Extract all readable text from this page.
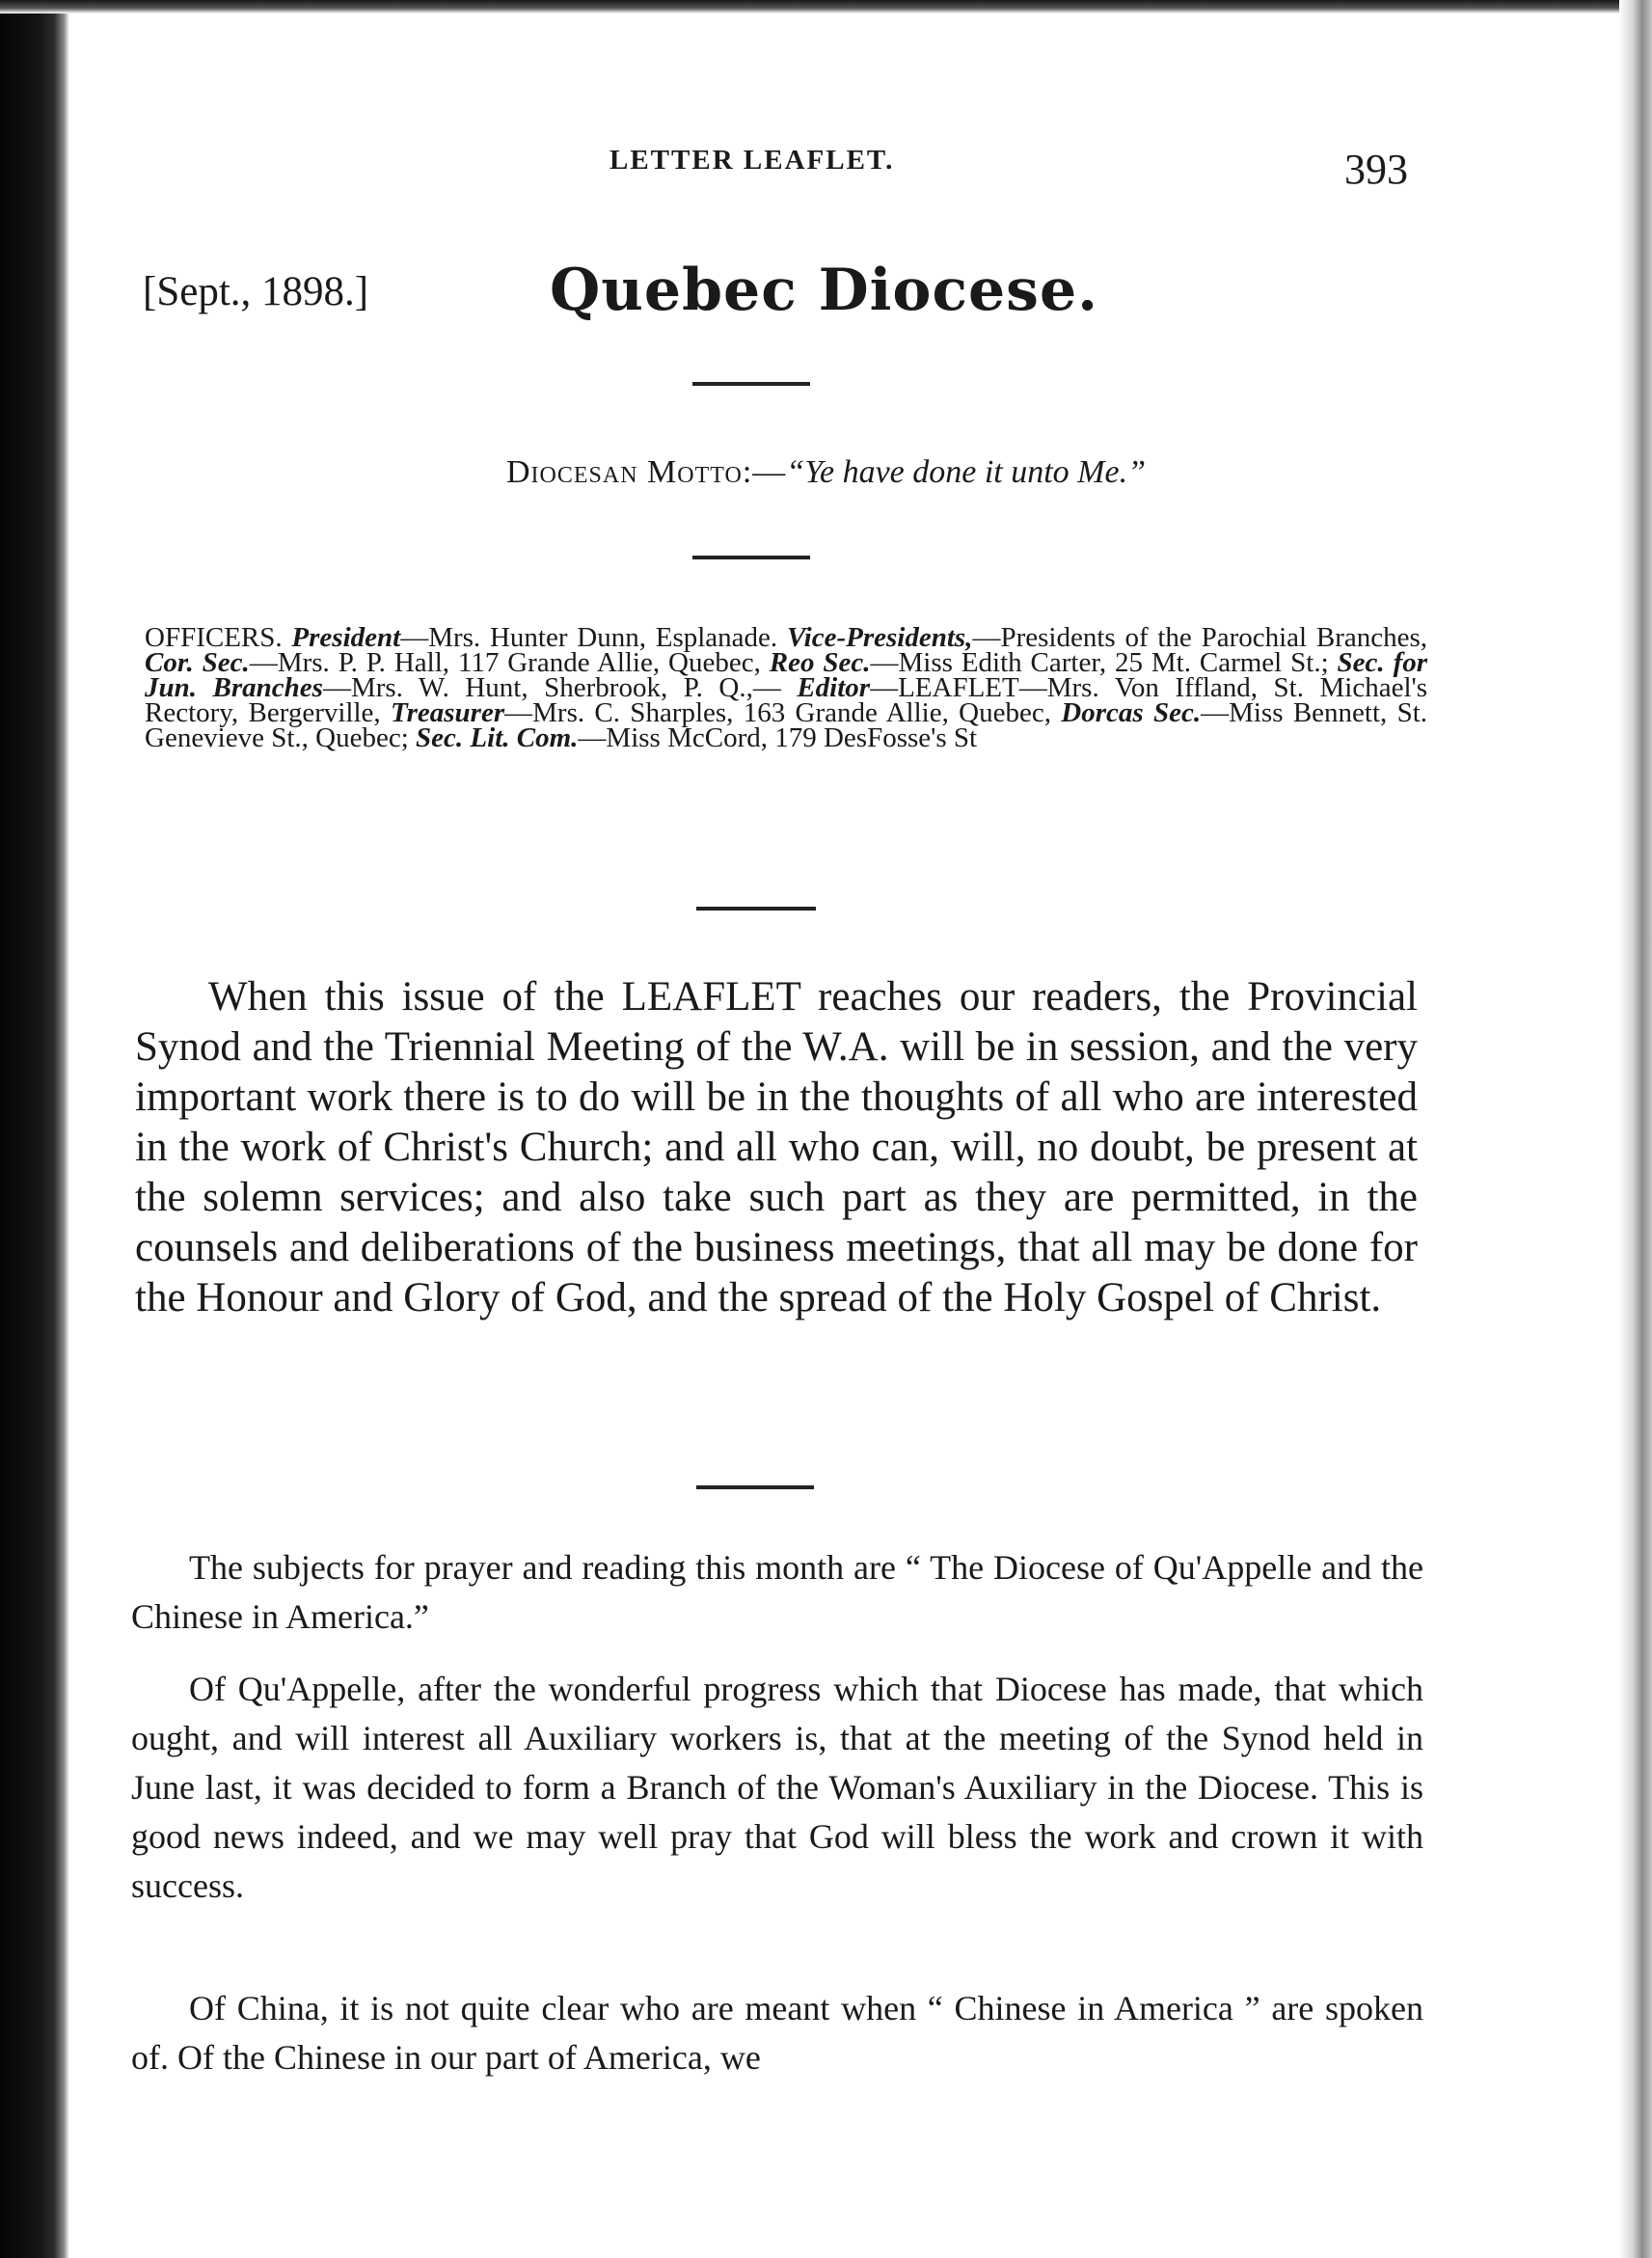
LETTER LEAFLET.	393
[Sept., 1898.]	Quebec Diocese.
Diocesan Motto:—“Ye have done it unto Me.”
OFFICERS. President—Mrs. Hunter Dunn, Esplanade. Vice-Presidents,—Presidents of the Parochial Branches, Cor. Sec.—Mrs. P. P. Hall, 117 Grande Allie, Quebec, Reo Sec.—Miss Edith Carter, 25 Mt. Carmel St.; Sec. for Jun. Branches—Mrs. W. Hunt, Sherbrook, P. Q.,— Editor—LEAFLET—Mrs. Von Iffland, St. Michael's Rectory, Bergerville, Treasurer—Mrs. C. Sharples, 163 Grande Allie, Quebec, Dorcas Sec.—Miss Bennett, St. Genevieve St., Quebec; Sec. Lit. Com.—Miss McCord, 179 DesFosse's St

When this issue of the LEAFLET reaches our readers, the Provincial Synod and the Triennial Meeting of the W.A. will be in session, and the very important work there is to do will be in the thoughts of all who are interested in the work of Christ's Church; and all who can, will, no doubt, be present at the solemn services; and also take such part as they are permitted, in the counsels and deliberations of the business meetings, that all may be done for the Honour and Glory of God, and the spread of the Holy Gospel of Christ.

The subjects for prayer and reading this month are “ The Diocese of Qu'Appelle and the Chinese in America.”

Of Qu'Appelle, after the wonderful progress which that Diocese has made, that which ought, and will interest all Auxiliary workers is, that at the meeting of the Synod held in June last, it was decided to form a Branch of the Woman's Auxiliary in the Diocese. This is good news indeed, and we may well pray that God will bless the work and crown it with success.

Of China, it is not quite clear who are meant when “ Chinese in America ” are spoken of. Of the Chinese in our part of America, we
